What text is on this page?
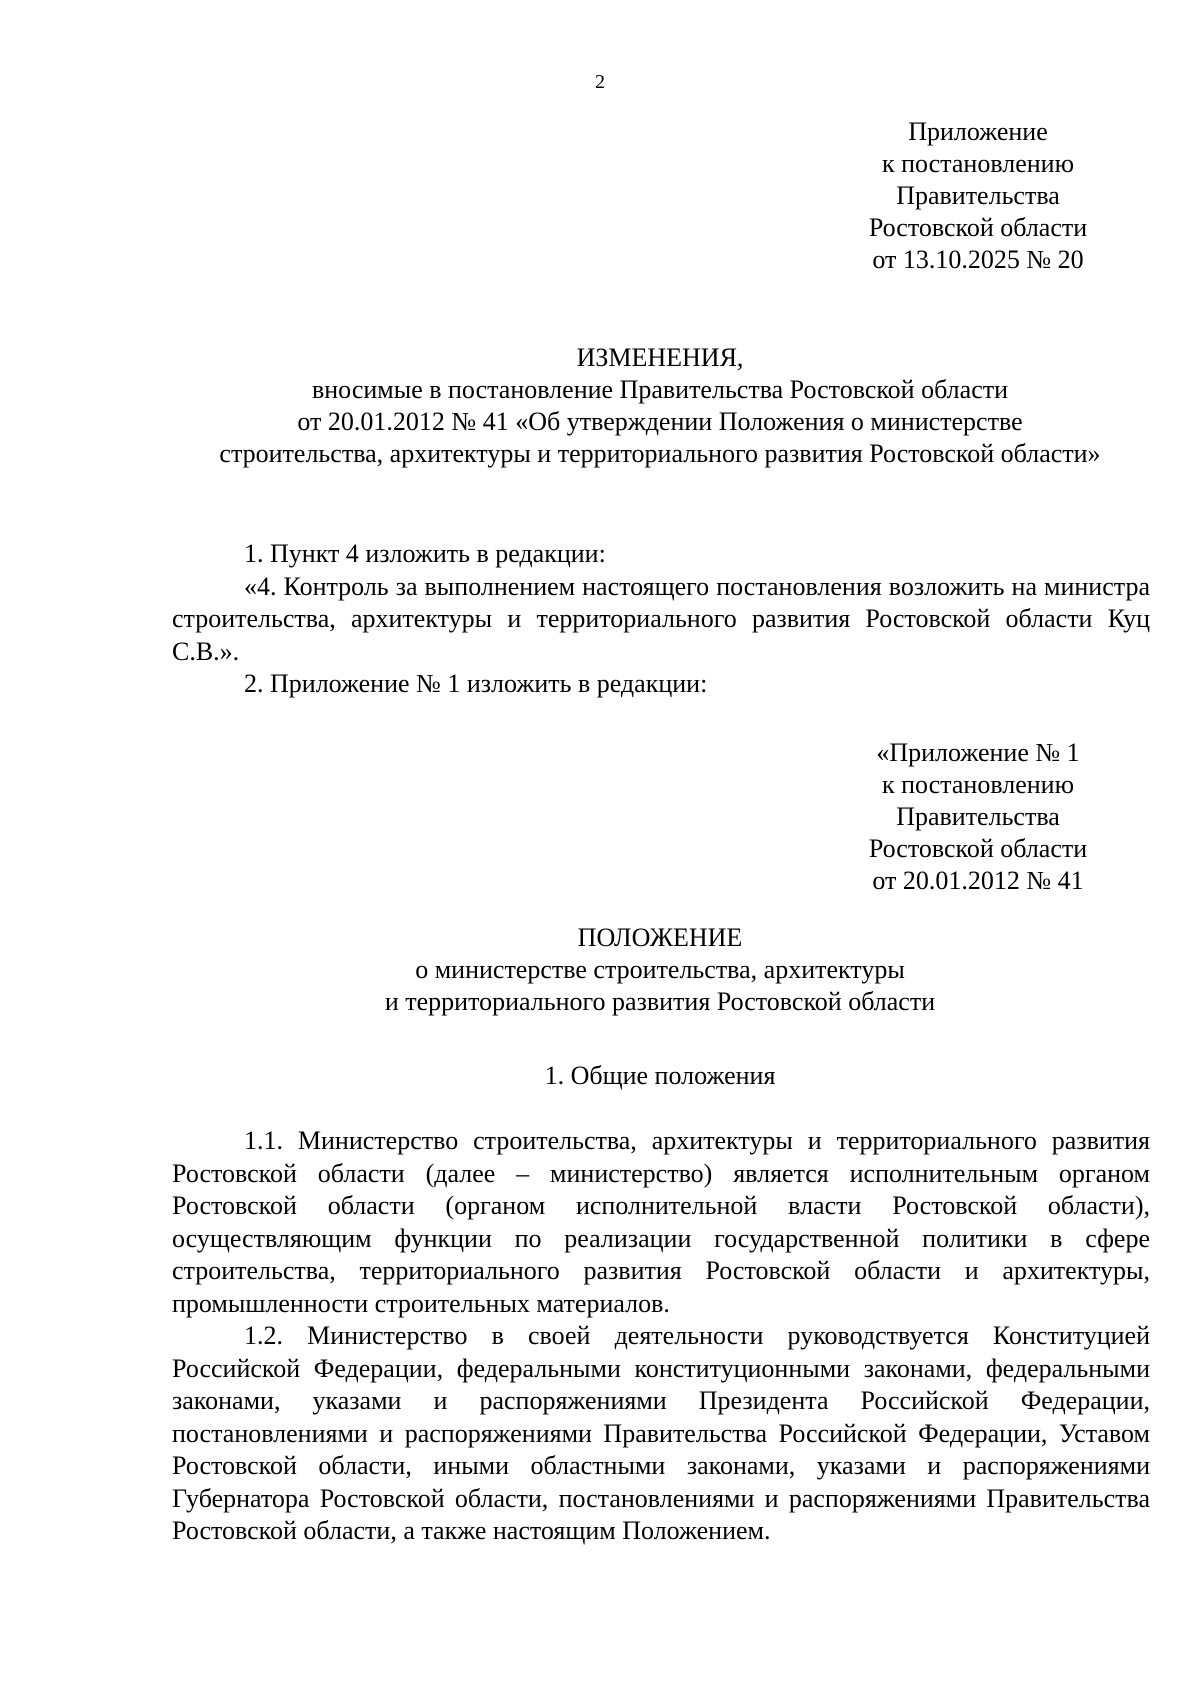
2
Приложение
к постановлению
Правительства
Ростовской области
от 13.10.2025 № 20
ИЗМЕНЕНИЯ,
вносимые в постановление Правительства Ростовской области
от 20.01.2012 № 41 «Об утверждении Положения о министерстве
строительства, архитектуры и территориального развития Ростовской области»

1. Пункт 4 изложить в редакции:

«4. Контроль за выполнением настоящего постановления возложить на министра строительства, архитектуры и территориального развития Ростовской области Куц С.В.».

2. Приложение № 1 изложить в редакции:

«Приложение № 1
к постановлению
Правительства
Ростовской области
от 20.01.2012 № 41
ПОЛОЖЕНИЕ
о министерстве строительства, архитектуры
и территориального развития Ростовской области
1. Общие положения

1.1. Министерство строительства, архитектуры и территориального развития Ростовской области (далее – министерство) является исполнительным органом Ростовской области (органом исполнительной власти Ростовской области), осуществляющим функции по реализации государственной политики в сфере строительства, территориального развития Ростовской области и архитектуры, промышленности строительных материалов.

1.2. Министерство в своей деятельности руководствуется Конституцией Российской Федерации, федеральными конституционными законами, федеральными законами, указами и распоряжениями Президента Российской Федерации, постановлениями и распоряжениями Правительства Российской Федерации, Уставом Ростовской области, иными областными законами, указами и распоряжениями Губернатора Ростовской области, постановлениями и распоряжениями Правительства Ростовской области, а также настоящим Положением.
